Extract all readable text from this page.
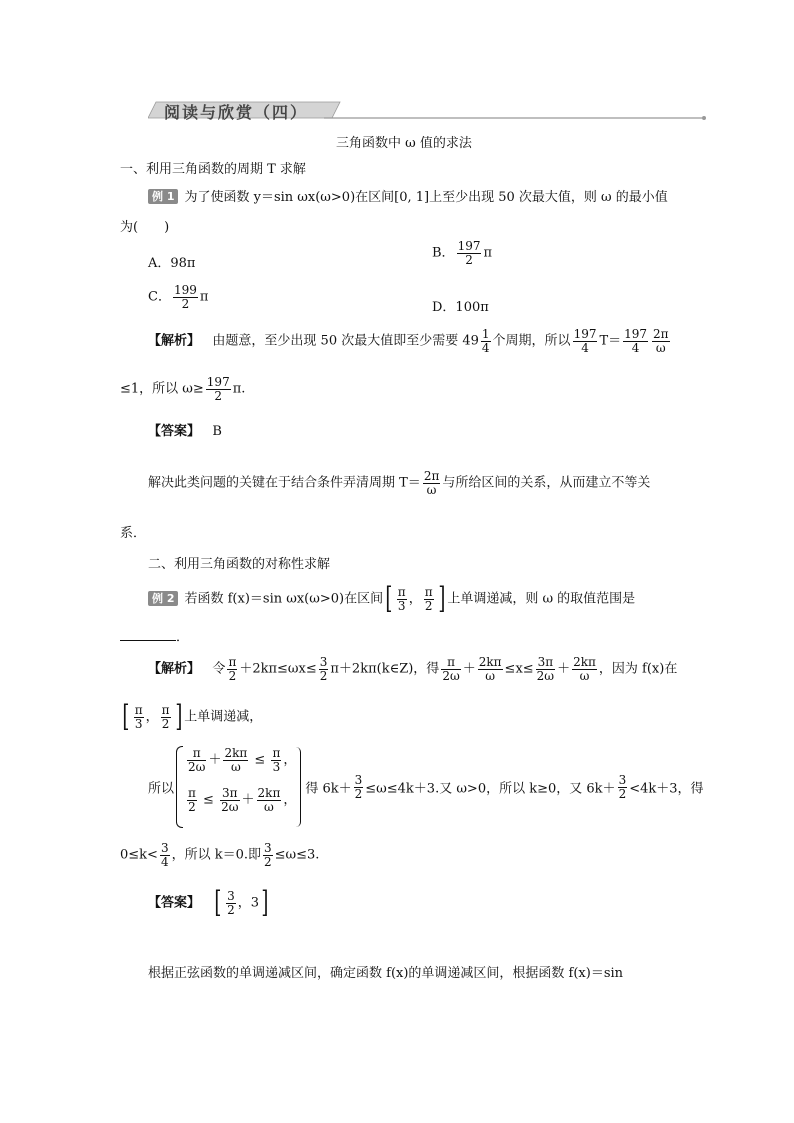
阅读与欣赏（四）
三角函数中 ω 值的求法
一、利用三角函数的周期 T 求解
例 1 为了使函数 y＝sin ωx(ω>0)在区间[0, 1]上至少出现 50 次最大值，则 ω 的最小值
为(　　)
A．98π
B． $\frac{197}{2}$ π
C． $\frac{199}{2}$ π
D．100π
【解析】 由题意，至少出现 50 次最大值即至少需要 $49 \frac{1}{4}$ 个周期，所以 $\frac{197}{4} T= \frac{197}{4} \frac{2\pi}{\omega}$
≤1，所以 $\omega\ge \frac{197}{2} \pi$.
【答案】 B
解决此类问题的关键在于结合条件弄清周期 $T= \frac{2\pi}{\omega}$ 与所给区间的关系，从而建立不等关
系．
二、利用三角函数的对称性求解
例 2 若函数 f(x)＝sin ωx(ω>0)在区间[ $\frac{\pi}{3}$ ， $\frac{\pi}{2}$ ] 上单调递减，则 ω 的取值范围是
．
【解析】 令 $\frac{\pi}{2} +2k\pi\le\omega x\le \frac{3}{2}$ π＋2kπ(k∈Z)，得 $\frac{\pi}{2\omega} + \frac{2k\pi}{\omega} \le x\le \frac{3\pi}{2\omega} + \frac{2k\pi}{\omega}$ ，因为 f(x)在
[ $\frac{\pi}{3}$ ， $\frac{\pi}{2}$ ] 上单调递减，
所以
$\frac{\pi}{2\omega} + \frac{2k\pi}{\omega} \le \frac{\pi}{3}$ ，
$\frac{\pi}{2} \le \frac{3\pi}{2\omega} + \frac{2k\pi}{\omega}$ ，
得 $6k+ \frac{3}{2} \le\omega\le 4k+3$.又 ω>0，所以 k≥0，又 $6k+ \frac{3}{2} <4k+3$，得
$0\le k< \frac{3}{4}$ ，所以 k＝0.即 $\frac{3}{2} \le\omega\le 3$.
【答案】 [ $\frac{3}{2}$ ，3]
根据正弦函数的单调递减区间，确定函数 f(x)的单调递减区间，根据函数 f(x)＝sin
